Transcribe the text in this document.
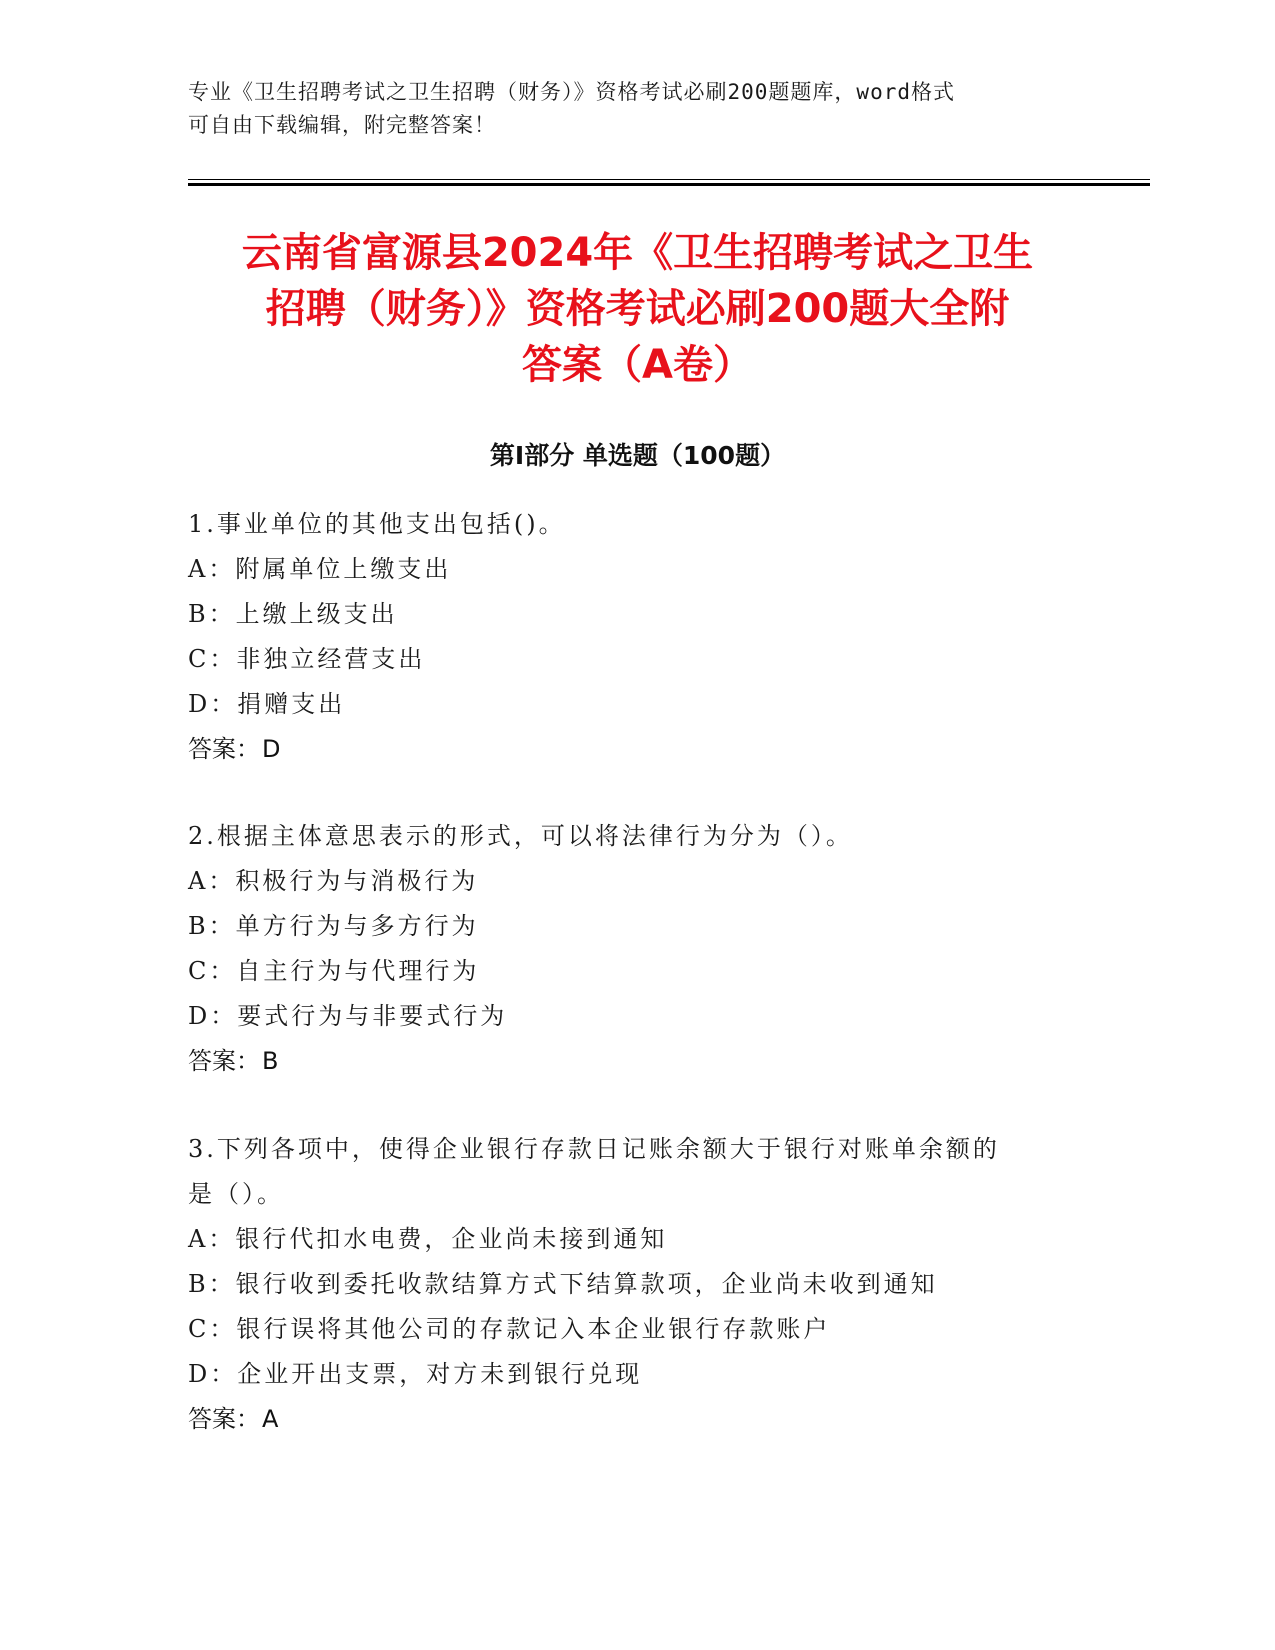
专业《卫生招聘考试之卫生招聘（财务）》资格考试必刷200题题库，word格式
可自由下载编辑，附完整答案！
云南省富源县2024年《卫生招聘考试之卫生
招聘（财务）》资格考试必刷200题大全附
答案（A卷）
第Ⅰ部分 单选题（100题）
1.事业单位的其他支出包括()。
A：附属单位上缴支出
B：上缴上级支出
C：非独立经营支出
D：捐赠支出
答案：D
2.根据主体意思表示的形式，可以将法律行为分为（）。
A：积极行为与消极行为
B：单方行为与多方行为
C：自主行为与代理行为
D：要式行为与非要式行为
答案：B
3.下列各项中，使得企业银行存款日记账余额大于银行对账单余额的
是（）。
A：银行代扣水电费，企业尚未接到通知
B：银行收到委托收款结算方式下结算款项，企业尚未收到通知
C：银行误将其他公司的存款记入本企业银行存款账户
D：企业开出支票，对方未到银行兑现
答案：A
